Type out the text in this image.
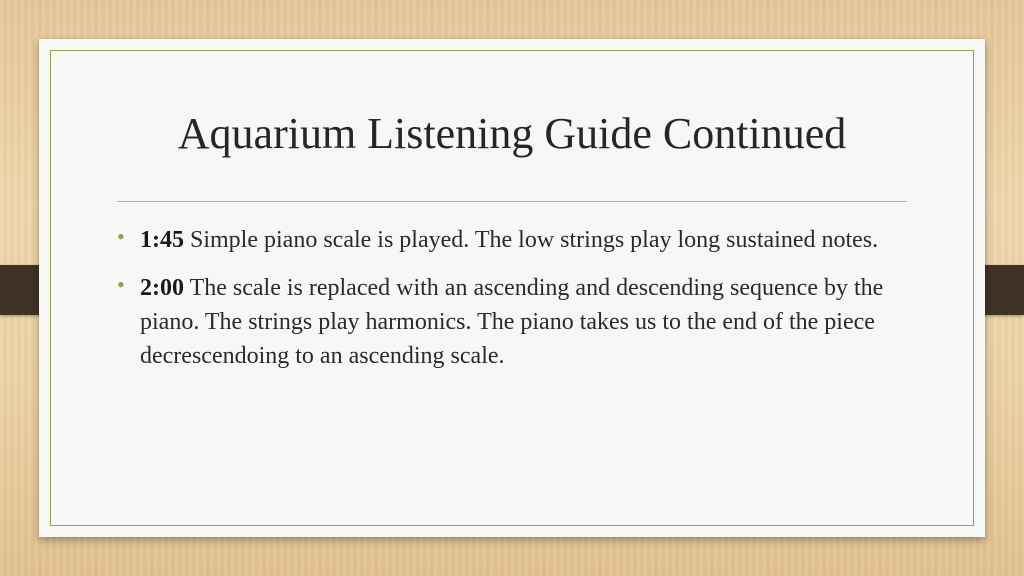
Aquarium Listening Guide Continued
• 1:45 Simple piano scale is played. The low strings play long sustained notes.
• 2:00 The scale is replaced with an ascending and descending sequence by the piano. The strings play harmonics. The piano takes us to the end of the piece decrescendoing to an ascending scale.
